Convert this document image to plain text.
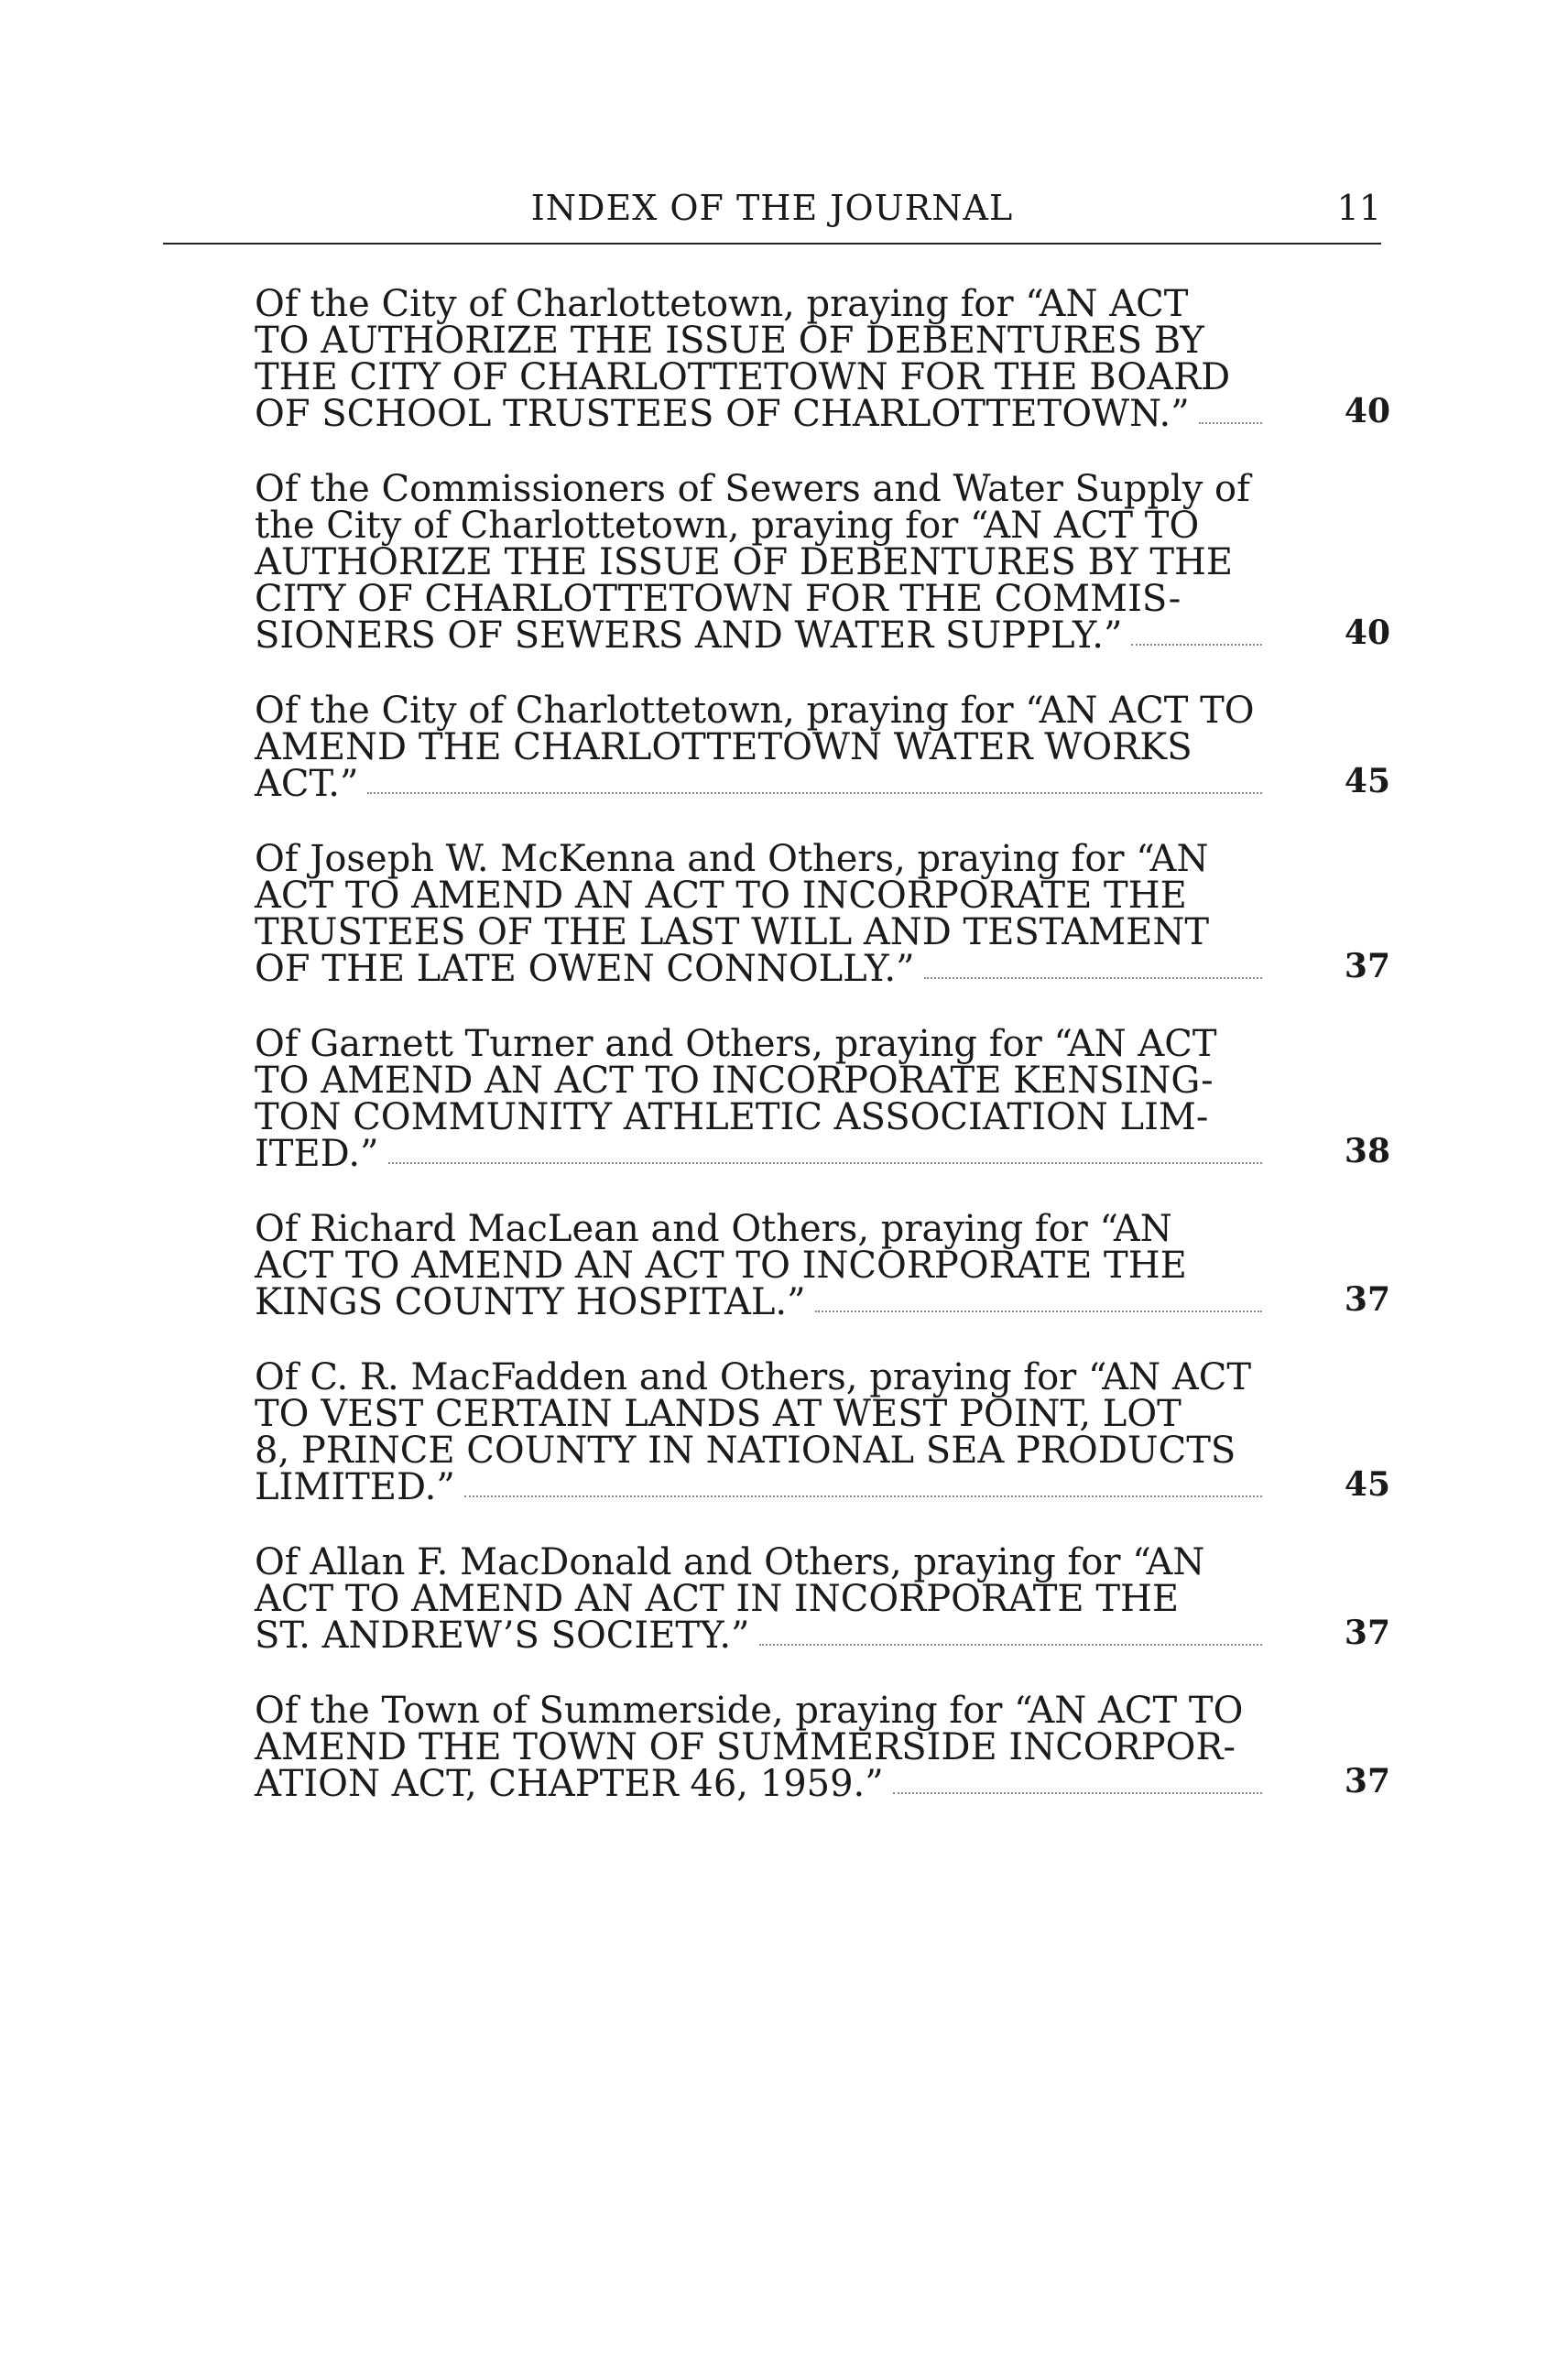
INDEX OF THE JOURNAL	11
Of the City of Charlottetown, praying for “AN ACT
TO AUTHORIZE THE ISSUE OF DEBENTURES BY
THE CITY OF CHARLOTTETOWN FOR THE BOARD
OF SCHOOL TRUSTEES OF CHARLOTTETOWN.”	40
Of the Commissioners of Sewers and Water Supply of
the City of Charlottetown, praying for “AN ACT TO
AUTHORIZE THE ISSUE OF DEBENTURES BY THE
CITY OF CHARLOTTETOWN FOR THE COMMIS-
SIONERS OF SEWERS AND WATER SUPPLY.”	40
Of the City of Charlottetown, praying for “AN ACT TO
AMEND THE CHARLOTTETOWN WATER WORKS
ACT.”	45
Of Joseph W. McKenna and Others, praying for “AN
ACT TO AMEND AN ACT TO INCORPORATE THE
TRUSTEES OF THE LAST WILL AND TESTAMENT
OF THE LATE OWEN CONNOLLY.”	37
Of Garnett Turner and Others, praying for “AN ACT
TO AMEND AN ACT TO INCORPORATE KENSING-
TON COMMUNITY ATHLETIC ASSOCIATION LIM-
ITED.”	38
Of Richard MacLean and Others, praying for “AN
ACT TO AMEND AN ACT TO INCORPORATE THE
KINGS COUNTY HOSPITAL.”	37
Of C. R. MacFadden and Others, praying for “AN ACT
TO VEST CERTAIN LANDS AT WEST POINT, LOT
8, PRINCE COUNTY IN NATIONAL SEA PRODUCTS
LIMITED.”	45
Of Allan F. MacDonald and Others, praying for “AN
ACT TO AMEND AN ACT IN INCORPORATE THE
ST. ANDREW’S SOCIETY.”	37
Of the Town of Summerside, praying for “AN ACT TO
AMEND THE TOWN OF SUMMERSIDE INCORPOR-
ATION ACT, CHAPTER 46, 1959.”	37
